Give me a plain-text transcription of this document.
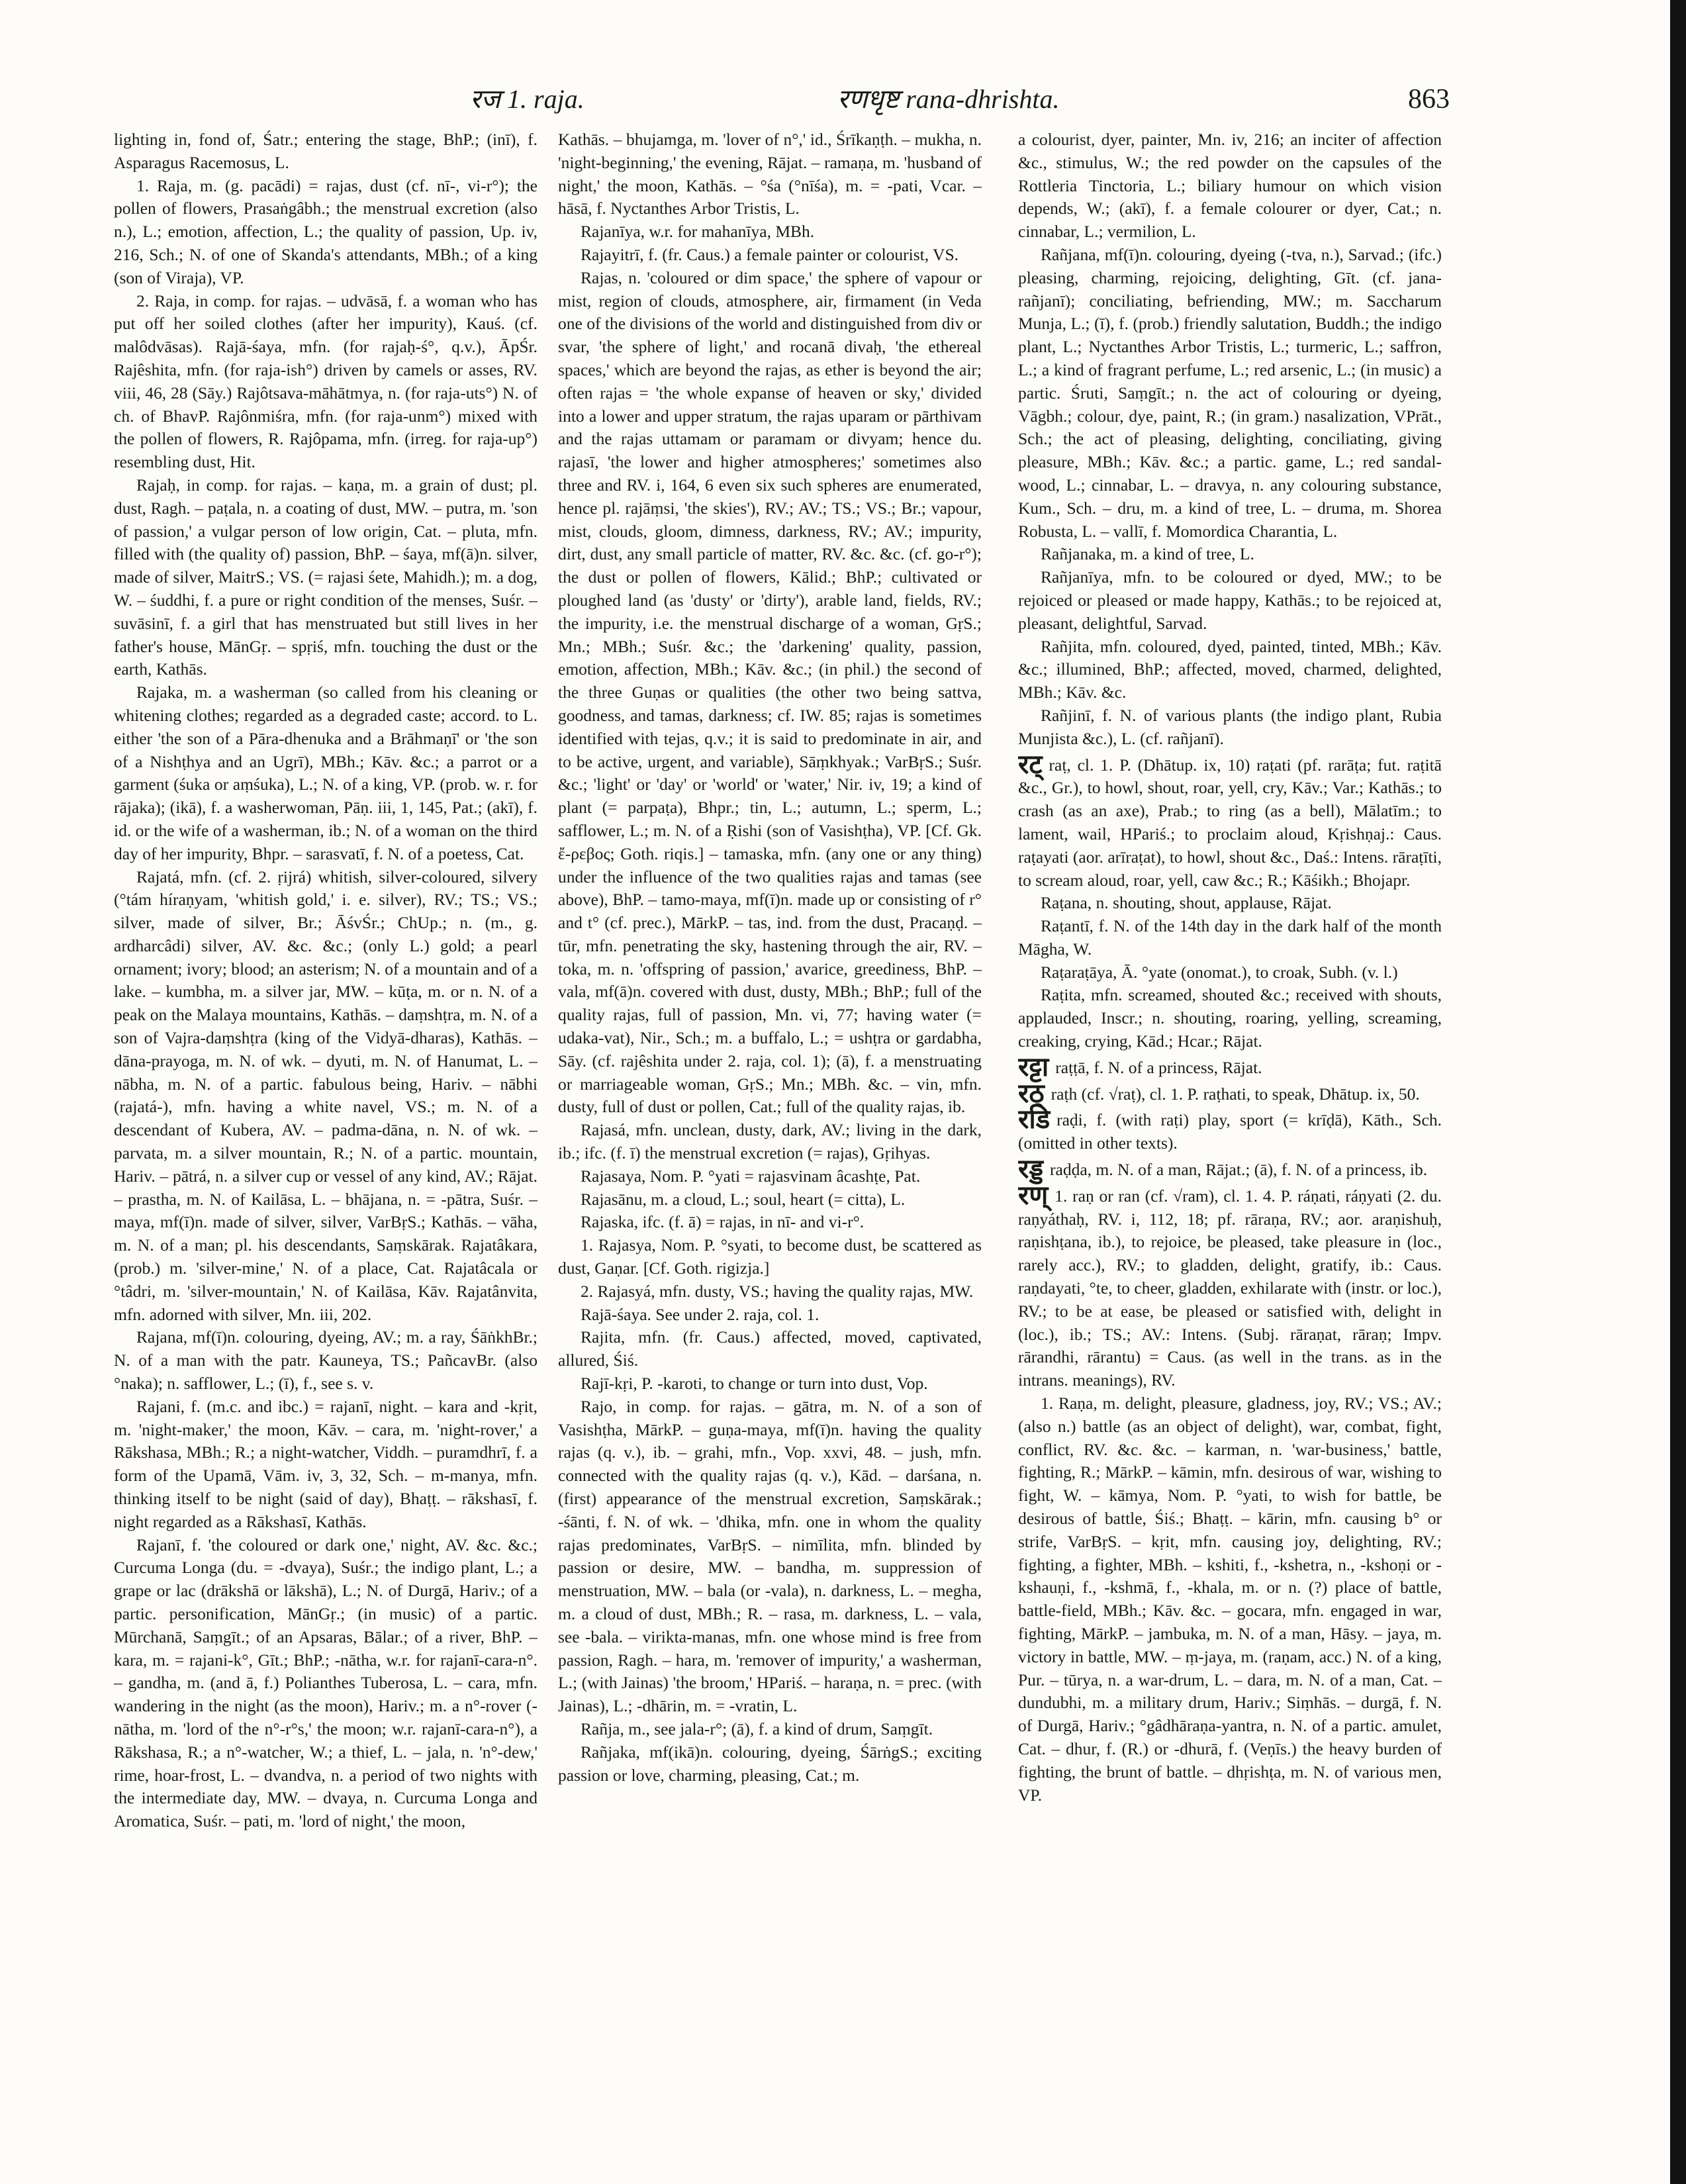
रज 1. raja.	रणधृष्ट rana-dhrishta.	863

lighting in, fond of, Śatr.; entering the stage, BhP.; (inī), f. Asparagus Racemosus, L.

1. Raja, m. (g. pacādi) = rajas, dust (cf. nī-, vi-r°); the pollen of flowers, Prasaṅgâbh.; the menstrual excretion (also n.), L.; emotion, affection, L.; the quality of passion, Up. iv, 216, Sch.; N. of one of Skanda's attendants, MBh.; of a king (son of Viraja), VP.

2. Raja, in comp. for rajas. – udvāsā, f. a woman who has put off her soiled clothes (after her impurity), Kauś. (cf. malôdvāsas). Rajā-śaya, mfn. (for rajaḥ-ś°, q.v.), ĀpŚr. Rajêshita, mfn. (for raja-ish°) driven by camels or asses, RV. viii, 46, 28 (Sāy.) Rajôtsava-māhātmya, n. (for raja-uts°) N. of ch. of BhavP. Rajônmiśra, mfn. (for raja-unm°) mixed with the pollen of flowers, R. Rajôpama, mfn. (irreg. for raja-up°) resembling dust, Hit.

Rajaḥ, in comp. for rajas. – kaṇa, m. a grain of dust; pl. dust, Ragh. – paṭala, n. a coating of dust, MW. – putra, m. 'son of passion,' a vulgar person of low origin, Cat. – pluta, mfn. filled with (the quality of) passion, BhP. – śaya, mf(ā)n. silver, made of silver, MaitrS.; VS. (= rajasi śete, Mahidh.); m. a dog, W. – śuddhi, f. a pure or right condition of the menses, Suśr. – suvāsinī, f. a girl that has menstruated but still lives in her father's house, MānGṛ. – spṛiś, mfn. touching the dust or the earth, Kathās.

Rajaka, m. a washerman (so called from his cleaning or whitening clothes; regarded as a degraded caste; accord. to L. either 'the son of a Pāra-dhenuka and a Brāhmaṇī' or 'the son of a Nishṭhya and an Ugrī), MBh.; Kāv. &c.; a parrot or a garment (śuka or aṃśuka), L.; N. of a king, VP. (prob. w. r. for rājaka); (ikā), f. a washerwoman, Pāṇ. iii, 1, 145, Pat.; (akī), f. id. or the wife of a washerman, ib.; N. of a woman on the third day of her impurity, Bhpr. – sarasvatī, f. N. of a poetess, Cat.

Rajatá, mfn. (cf. 2. ṛijrá) whitish, silver-coloured, silvery (°tám híraṇyam, 'whitish gold,' i. e. silver), RV.; TS.; VS.; silver, made of silver, Br.; ĀśvŚr.; ChUp.; n. (m., g. ardharcâdi) silver, AV. &c. &c.; (only L.) gold; a pearl ornament; ivory; blood; an asterism; N. of a mountain and of a lake. – kumbha, m. a silver jar, MW. – kūṭa, m. or n. N. of a peak on the Malaya mountains, Kathās. – daṃshṭra, m. N. of a son of Vajra-daṃshṭra (king of the Vidyā-dharas), Kathās. – dāna-prayoga, m. N. of wk. – dyuti, m. N. of Hanumat, L. – nābha, m. N. of a partic. fabulous being, Hariv. – nābhi (rajatá-), mfn. having a white navel, VS.; m. N. of a descendant of Kubera, AV. – padma-dāna, n. N. of wk. – parvata, m. a silver mountain, R.; N. of a partic. mountain, Hariv. – pātrá, n. a silver cup or vessel of any kind, AV.; Rājat. – prastha, m. N. of Kailāsa, L. – bhājana, n. = -pātra, Suśr. – maya, mf(ī)n. made of silver, silver, VarBṛS.; Kathās. – vāha, m. N. of a man; pl. his descendants, Saṃskārak. Rajatâkara, (prob.) m. 'silver-mine,' N. of a place, Cat. Rajatâcala or °tâdri, m. 'silver-mountain,' N. of Kailāsa, Kāv. Rajatânvita, mfn. adorned with silver, Mn. iii, 202.

Rajana, mf(ī)n. colouring, dyeing, AV.; m. a ray, ŚāṅkhBr.; N. of a man with the patr. Kauneya, TS.; PañcavBr. (also °naka); n. safflower, L.; (ī), f., see s. v.

Rajani, f. (m.c. and ibc.) = rajanī, night. – kara and -kṛit, m. 'night-maker,' the moon, Kāv. – cara, m. 'night-rover,' a Rākshasa, MBh.; R.; a night-watcher, Viddh. – puramdhrī, f. a form of the Upamā, Vām. iv, 3, 32, Sch. – m-manya, mfn. thinking itself to be night (said of day), Bhaṭṭ. – rākshasī, f. night regarded as a Rākshasī, Kathās.

Rajanī, f. 'the coloured or dark one,' night, AV. &c. &c.; Curcuma Longa (du. = -dvaya), Suśr.; the indigo plant, L.; a grape or lac (drākshā or lākshā), L.; N. of Durgā, Hariv.; of a partic. personification, MānGṛ.; (in music) of a partic. Mūrchanā, Saṃgīt.; of an Apsaras, Bālar.; of a river, BhP. – kara, m. = rajani-k°, Gīt.; BhP.; -nātha, w.r. for rajanī-cara-n°. – gandha, m. (and ā, f.) Polianthes Tuberosa, L. – cara, mfn. wandering in the night (as the moon), Hariv.; m. a n°-rover (-nātha, m. 'lord of the n°-r°s,' the moon; w.r. rajanī-cara-n°), a Rākshasa, R.; a n°-watcher, W.; a thief, L. – jala, n. 'n°-dew,' rime, hoar-frost, L. – dvandva, n. a period of two nights with the intermediate day, MW. – dvaya, n. Curcuma Longa and Aromatica, Suśr. – pati, m. 'lord of night,' the moon,

Kathās. – bhujamga, m. 'lover of n°,' id., Śrīkaṇṭh. – mukha, n. 'night-beginning,' the evening, Rājat. – ramaṇa, m. 'husband of night,' the moon, Kathās. – °śa (°nīśa), m. = -pati, Vcar. – hāsā, f. Nyctanthes Arbor Tristis, L.

Rajanīya, w.r. for mahanīya, MBh.

Rajayitrī, f. (fr. Caus.) a female painter or colourist, VS.

Rajas, n. 'coloured or dim space,' the sphere of vapour or mist, region of clouds, atmosphere, air, firmament (in Veda one of the divisions of the world and distinguished from div or svar, 'the sphere of light,' and rocanā divaḥ, 'the ethereal spaces,' which are beyond the rajas, as ether is beyond the air; often rajas = 'the whole expanse of heaven or sky,' divided into a lower and upper stratum, the rajas uparam or pārthivam and the rajas uttamam or paramam or divyam; hence du. rajasī, 'the lower and higher atmospheres;' sometimes also three and RV. i, 164, 6 even six such spheres are enumerated, hence pl. rajāṃsi, 'the skies'), RV.; AV.; TS.; VS.; Br.; vapour, mist, clouds, gloom, dimness, darkness, RV.; AV.; impurity, dirt, dust, any small particle of matter, RV. &c. &c. (cf. go-r°); the dust or pollen of flowers, Kālid.; BhP.; cultivated or ploughed land (as 'dusty' or 'dirty'), arable land, fields, RV.; the impurity, i.e. the menstrual discharge of a woman, GṛS.; Mn.; MBh.; Suśr. &c.; the 'darkening' quality, passion, emotion, affection, MBh.; Kāv. &c.; (in phil.) the second of the three Guṇas or qualities (the other two being sattva, goodness, and tamas, darkness; cf. IW. 85; rajas is sometimes identified with tejas, q.v.; it is said to predominate in air, and to be active, urgent, and variable), Sāṃkhyak.; VarBṛS.; Suśr. &c.; 'light' or 'day' or 'world' or 'water,' Nir. iv, 19; a kind of plant (= parpaṭa), Bhpr.; tin, L.; autumn, L.; sperm, L.; safflower, L.; m. N. of a Ṛishi (son of Vasishṭha), VP. [Cf. Gk. ἔ-ρεβος; Goth. riqis.] – tamaska, mfn. (any one or any thing) under the influence of the two qualities rajas and tamas (see above), BhP. – tamo-maya, mf(ī)n. made up or consisting of r° and t° (cf. prec.), MārkP. – tas, ind. from the dust, Pracaṇḍ. – tūr, mfn. penetrating the sky, hastening through the air, RV. – toka, m. n. 'offspring of passion,' avarice, greediness, BhP. – vala, mf(ā)n. covered with dust, dusty, MBh.; BhP.; full of the quality rajas, full of passion, Mn. vi, 77; having water (= udaka-vat), Nir., Sch.; m. a buffalo, L.; = ushṭra or gardabha, Sāy. (cf. rajêshita under 2. raja, col. 1); (ā), f. a menstruating or marriageable woman, GṛS.; Mn.; MBh. &c. – vin, mfn. dusty, full of dust or pollen, Cat.; full of the quality rajas, ib.

Rajasá, mfn. unclean, dusty, dark, AV.; living in the dark, ib.; ifc. (f. ī) the menstrual excretion (= rajas), Gṛihyas.

Rajasaya, Nom. P. °yati = rajasvinam âcashṭe, Pat.

Rajasānu, m. a cloud, L.; soul, heart (= citta), L.

Rajaska, ifc. (f. ā) = rajas, in nī- and vi-r°.

1. Rajasya, Nom. P. °syati, to become dust, be scattered as dust, Gaṇar. [Cf. Goth. rigizja.]

2. Rajasyá, mfn. dusty, VS.; having the quality rajas, MW.

Rajā-śaya. See under 2. raja, col. 1.

Rajita, mfn. (fr. Caus.) affected, moved, captivated, allured, Śiś.

Rajī-kṛi, P. -karoti, to change or turn into dust, Vop.

Rajo, in comp. for rajas. – gātra, m. N. of a son of Vasishṭha, MārkP. – guṇa-maya, mf(ī)n. having the quality rajas (q. v.), ib. – grahi, mfn., Vop. xxvi, 48. – jush, mfn. connected with the quality rajas (q. v.), Kād. – darśana, n. (first) appearance of the menstrual excretion, Saṃskārak.; -śānti, f. N. of wk. – 'dhika, mfn. one in whom the quality rajas predominates, VarBṛS. – nimīlita, mfn. blinded by passion or desire, MW. – bandha, m. suppression of menstruation, MW. – bala (or -vala), n. darkness, L. – megha, m. a cloud of dust, MBh.; R. – rasa, m. darkness, L. – vala, see -bala. – virikta-manas, mfn. one whose mind is free from passion, Ragh. – hara, m. 'remover of impurity,' a washerman, L.; (with Jainas) 'the broom,' HPariś. – haraṇa, n. = prec. (with Jainas), L.; -dhārin, m. = -vratin, L.

Rañja, m., see jala-r°; (ā), f. a kind of drum, Saṃgīt.

Rañjaka, mf(ikā)n. colouring, dyeing, ŚārṅgS.; exciting passion or love, charming, pleasing, Cat.; m.

a colourist, dyer, painter, Mn. iv, 216; an inciter of affection &c., stimulus, W.; the red powder on the capsules of the Rottleria Tinctoria, L.; biliary humour on which vision depends, W.; (akī), f. a female colourer or dyer, Cat.; n. cinnabar, L.; vermilion, L.

Rañjana, mf(ī)n. colouring, dyeing (-tva, n.), Sarvad.; (ifc.) pleasing, charming, rejoicing, delighting, Gīt. (cf. jana-rañjanī); conciliating, befriending, MW.; m. Saccharum Munja, L.; (ī), f. (prob.) friendly salutation, Buddh.; the indigo plant, L.; Nyctanthes Arbor Tristis, L.; turmeric, L.; saffron, L.; a kind of fragrant perfume, L.; red arsenic, L.; (in music) a partic. Śruti, Saṃgīt.; n. the act of colouring or dyeing, Vāgbh.; colour, dye, paint, R.; (in gram.) nasalization, VPrāt., Sch.; the act of pleasing, delighting, conciliating, giving pleasure, MBh.; Kāv. &c.; a partic. game, L.; red sandal-wood, L.; cinnabar, L. – dravya, n. any colouring substance, Kum., Sch. – dru, m. a kind of tree, L. – druma, m. Shorea Robusta, L. – vallī, f. Momordica Charantia, L.

Rañjanaka, m. a kind of tree, L.

Rañjanīya, mfn. to be coloured or dyed, MW.; to be rejoiced or pleased or made happy, Kathās.; to be rejoiced at, pleasant, delightful, Sarvad.

Rañjita, mfn. coloured, dyed, painted, tinted, MBh.; Kāv. &c.; illumined, BhP.; affected, moved, charmed, delighted, MBh.; Kāv. &c.

Rañjinī, f. N. of various plants (the indigo plant, Rubia Munjista &c.), L. (cf. rañjanī).

रट् raṭ, cl. 1. P. (Dhātup. ix, 10) raṭati (pf. rarāṭa; fut. raṭitā &c., Gr.), to howl, shout, roar, yell, cry, Kāv.; Var.; Kathās.; to crash (as an axe), Prab.; to ring (as a bell), Mālatīm.; to lament, wail, HPariś.; to proclaim aloud, Kṛishṇaj.: Caus. raṭayati (aor. arīraṭat), to howl, shout &c., Daś.: Intens. rāraṭīti, to scream aloud, roar, yell, caw &c.; R.; Kāśikh.; Bhojapr.

Raṭana, n. shouting, shout, applause, Rājat.

Raṭantī, f. N. of the 14th day in the dark half of the month Māgha, W.

Raṭaraṭāya, Ā. °yate (onomat.), to croak, Subh. (v. l.)

Raṭita, mfn. screamed, shouted &c.; received with shouts, applauded, Inscr.; n. shouting, roaring, yelling, screaming, creaking, crying, Kād.; Hcar.; Rājat.

रट्टा raṭṭā, f. N. of a princess, Rājat.

रठ् raṭh (cf. √raṭ), cl. 1. P. raṭhati, to speak, Dhātup. ix, 50.

रडि raḍi, f. (with raṭi) play, sport (= krīḍā), Kāth., Sch. (omitted in other texts).

रड्ड raḍḍa, m. N. of a man, Rājat.; (ā), f. N. of a princess, ib.

रण् 1. raṇ or ran (cf. √ram), cl. 1. 4. P. ráṇati, ráṇyati (2. du. raṇyáthaḥ, RV. i, 112, 18; pf. rāraṇa, RV.; aor. araṇishuḥ, raṇishṭana, ib.), to rejoice, be pleased, take pleasure in (loc., rarely acc.), RV.; to gladden, delight, gratify, ib.: Caus. raṇdayati, °te, to cheer, gladden, exhilarate with (instr. or loc.), RV.; to be at ease, be pleased or satisfied with, delight in (loc.), ib.; TS.; AV.: Intens. (Subj. rāraṇat, rāraṇ; Impv. rārandhi, rārantu) = Caus. (as well in the trans. as in the intrans. meanings), RV.

1. Raṇa, m. delight, pleasure, gladness, joy, RV.; VS.; AV.; (also n.) battle (as an object of delight), war, combat, fight, conflict, RV. &c. &c. – karman, n. 'war-business,' battle, fighting, R.; MārkP. – kāmin, mfn. desirous of war, wishing to fight, W. – kāmya, Nom. P. °yati, to wish for battle, be desirous of battle, Śiś.; Bhaṭṭ. – kārin, mfn. causing b° or strife, VarBṛS. – kṛit, mfn. causing joy, delighting, RV.; fighting, a fighter, MBh. – kshiti, f., -kshetra, n., -kshoṇi or -kshauṇi, f., -kshmā, f., -khala, m. or n. (?) place of battle, battle-field, MBh.; Kāv. &c. – gocara, mfn. engaged in war, fighting, MārkP. – jambuka, m. N. of a man, Hāsy. – jaya, m. victory in battle, MW. – ṃ-jaya, m. (raṇam, acc.) N. of a king, Pur. – tūrya, n. a war-drum, L. – dara, m. N. of a man, Cat. – dundubhi, m. a military drum, Hariv.; Siṃhās. – durgā, f. N. of Durgā, Hariv.; °gâdhāraṇa-yantra, n. N. of a partic. amulet, Cat. – dhur, f. (R.) or -dhurā, f. (Veṇīs.) the heavy burden of fighting, the brunt of battle. – dhṛishṭa, m. N. of various men, VP.
